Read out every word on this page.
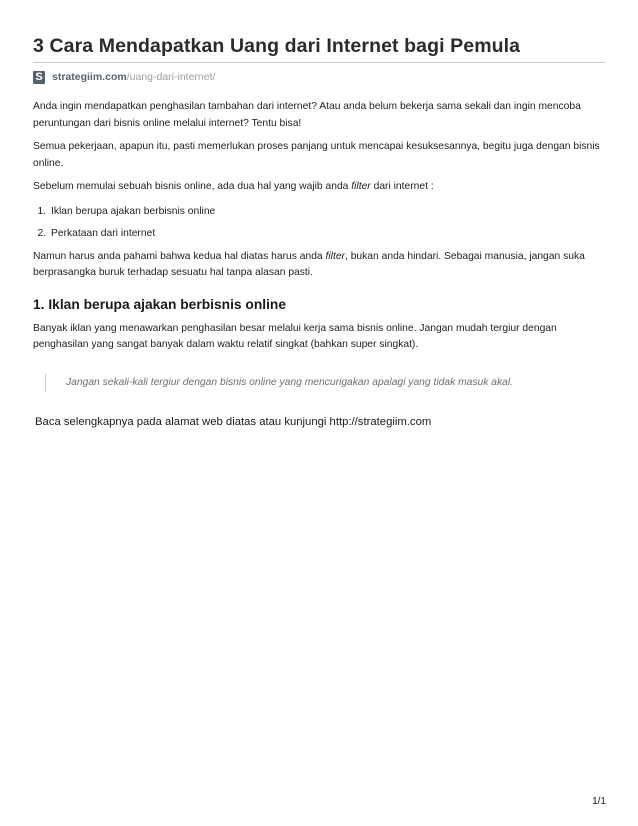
3 Cara Mendapatkan Uang dari Internet bagi Pemula
S strategiim.com /uang-dari-internet/

Anda ingin mendapatkan penghasilan tambahan dari internet? Atau anda belum bekerja sama sekali dan ingin mencoba peruntungan dari bisnis online melalui internet? Tentu bisa!

Semua pekerjaan, apapun itu, pasti memerlukan proses panjang untuk mencapai kesuksesannya, begitu juga dengan bisnis online.

Sebelum memulai sebuah bisnis online, ada dua hal yang wajib anda filter dari internet :

1. Iklan berupa ajakan berbisnis online
2. Perkataan dari internet

Namun harus anda pahami bahwa kedua hal diatas harus anda filter, bukan anda hindari. Sebagai manusia, jangan suka berprasangka buruk terhadap sesuatu hal tanpa alasan pasti.

1. Iklan berupa ajakan berbisnis online

Banyak iklan yang menawarkan penghasilan besar melalui kerja sama bisnis online. Jangan mudah tergiur dengan penghasilan yang sangat banyak dalam waktu relatif singkat (bahkan super singkat).

Jangan sekali-kali tergiur dengan bisnis online yang mencurigakan apalagi yang tidak masuk akal.
Baca selengkapnya pada alamat web diatas atau kunjungi http://strategiim.com
1/1
